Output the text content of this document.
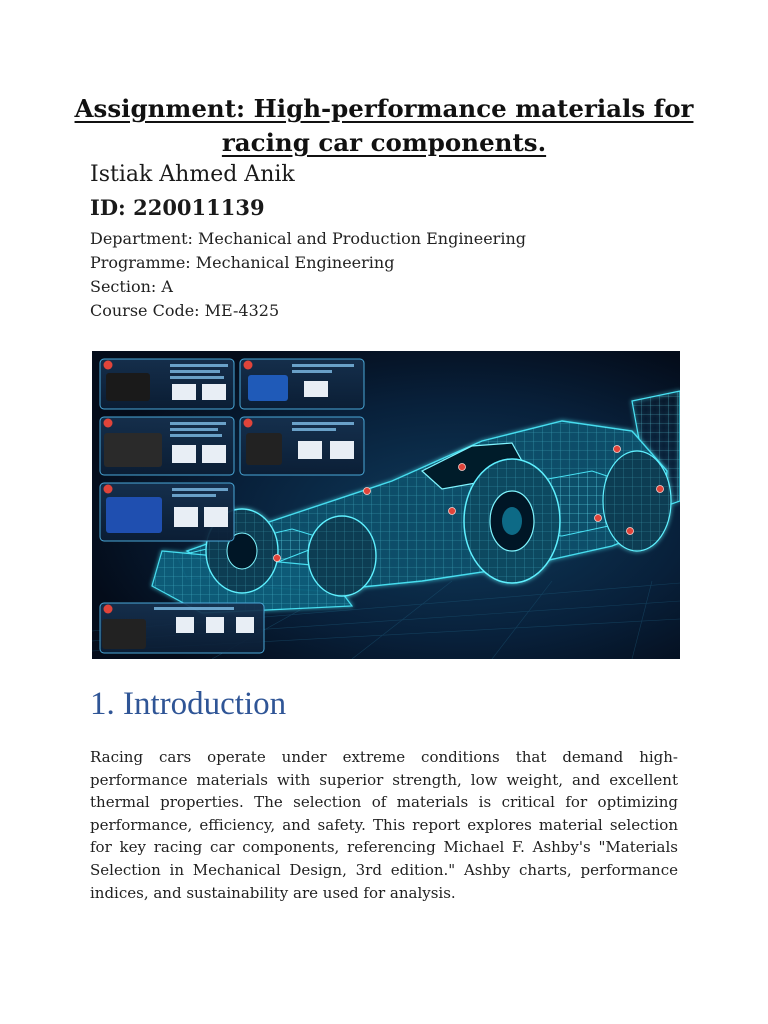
Assignment: High-performance materials for
racing car components.
Istiak Ahmed Anik
ID: 220011139
Department: Mechanical and Production Engineering
Programme: Mechanical Engineering
Section: A
Course Code: ME-4325
1. Introduction

Racing cars operate under extreme conditions that demand high-performance materials with superior strength, low weight, and excellent thermal properties. The selection of materials is critical for optimizing performance, efficiency, and safety. This report explores material selection for key racing car components, referencing Michael F. Ashby's "Materials Selection in Mechanical Design, 3rd edition." Ashby charts, performance indices, and sustainability are used for analysis.
